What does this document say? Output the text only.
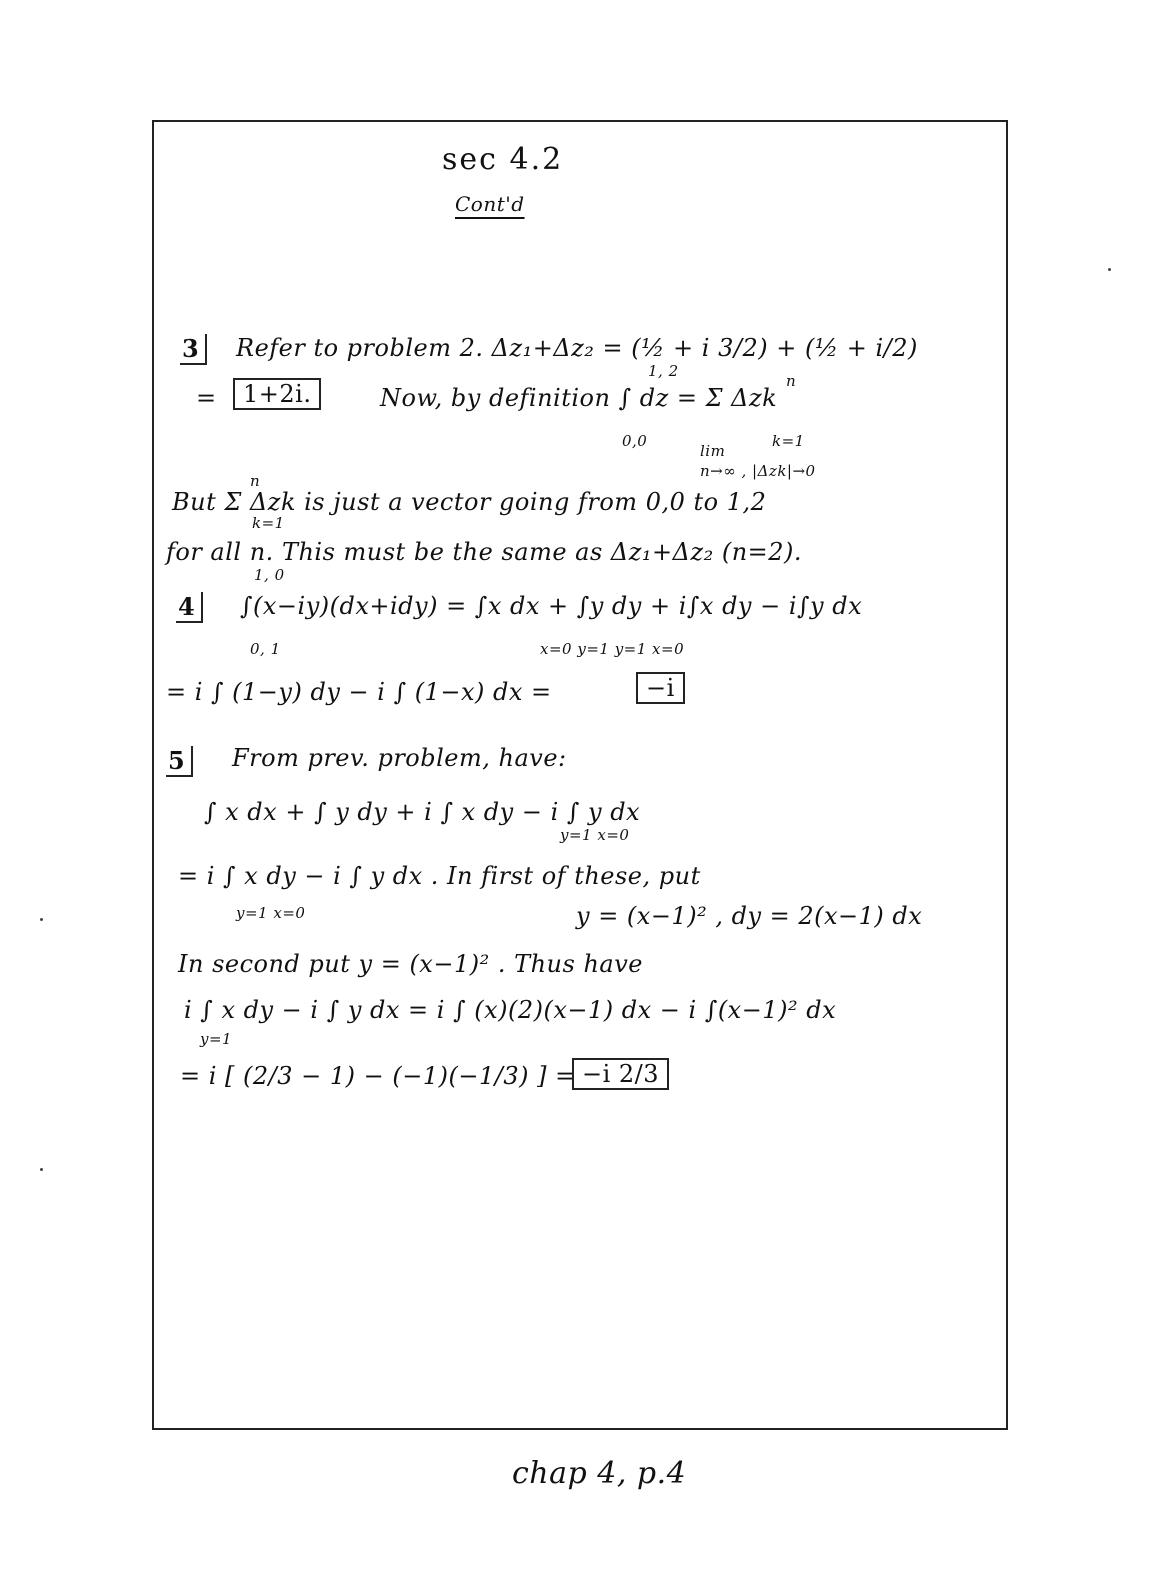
sec 4.2
Cont'd
3	Refer to problem 2. Δz₁+Δz₂ = (½ + i 3/2) + (½ + i/2)
=	1+2i.	Now, by definition ∫ dz = Σ Δzk
1, 2
n
0,0
lim
k=1
n→∞ , |Δzk|→0
n
But Σ Δzk is just a vector going from 0,0 to 1,2
k=1
for all n. This must be the same as Δz₁+Δz₂ (n=2).
4
1, 0
∫(x−iy)(dx+idy) = ∫x dx + ∫y dy + i∫x dy − i∫y dx
0, 1	x=0 y=1 y=1 x=0
= i ∫ (1−y) dy − i ∫ (1−x) dx =	−i
5	From prev. problem, have:
∫ x dx + ∫ y dy + i ∫ x dy − i ∫ y dx
y=1 x=0
= i ∫ x dy − i ∫ y dx . In first of these, put
y=1 x=0	y = (x−1)² , dy = 2(x−1) dx
In second put y = (x−1)² . Thus have
i ∫ x dy − i ∫ y dx = i ∫ (x)(2)(x−1) dx − i ∫(x−1)² dx
y=1
= i [ (2/3 − 1) − (−1)(−1/3) ] = −i 2/3
chap 4, p.4
